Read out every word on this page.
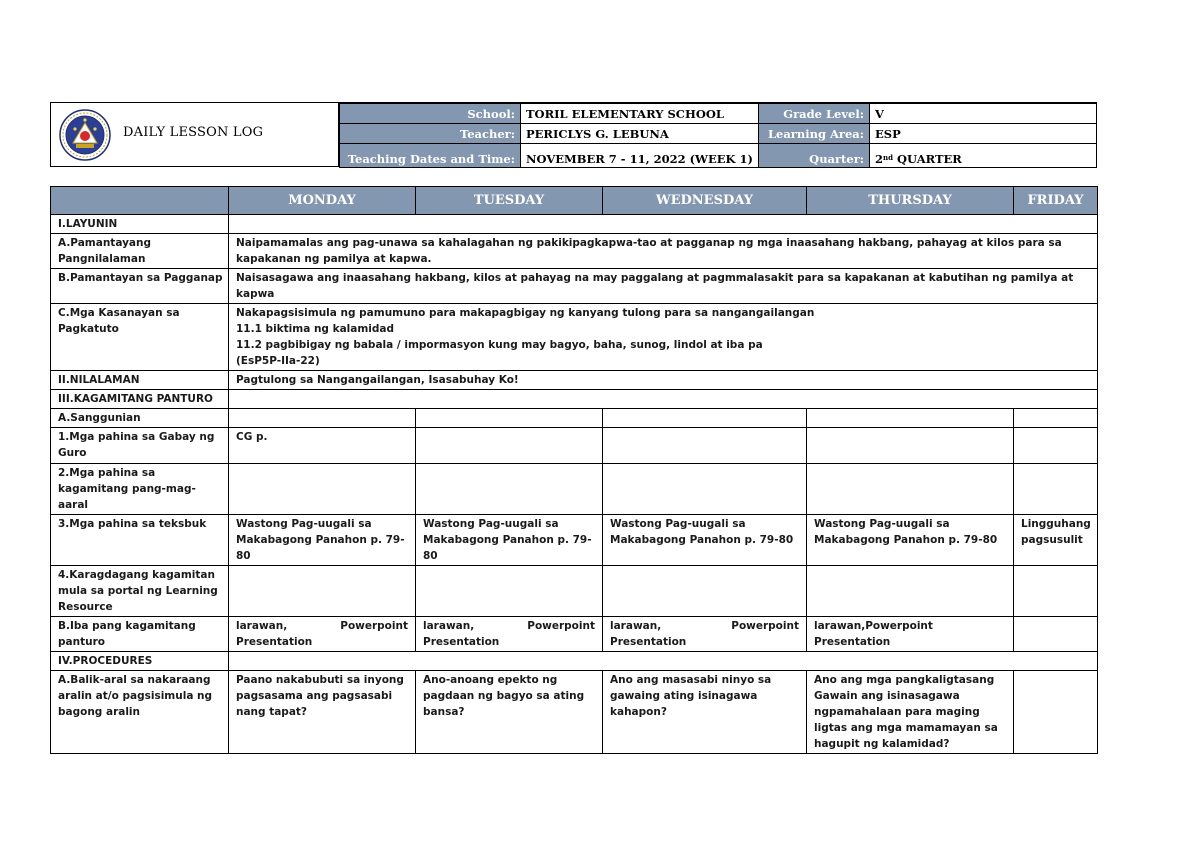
DAILY LESSON LOG
School:	TORIL ELEMENTARY SCHOOL	Grade Level:	V
Teacher:	PERICLYS G. LEBUNA	Learning Area:	ESP
Teaching Dates and Time:	NOVEMBER 7 - 11, 2022 (WEEK 1)	Quarter:	2nd QUARTER
	MONDAY	TUESDAY	WEDNESDAY	THURSDAY	FRIDAY
I.LAYUNIN					
A.Pamantayang Pangnilalaman	Naipamamalas ang pag-unawa sa kahalagahan ng pakikipagkapwa-tao at pagganap ng mga inaasahang hakbang, pahayag at kilos para sa kapakanan ng pamilya at kapwa.				
B.Pamantayan sa Pagganap	Naisasagawa ang inaasahang hakbang, kilos at pahayag na may paggalang at pagmmalasakit para sa kapakanan at kabutihan ng pamilya at kapwa				
C.Mga Kasanayan sa Pagkatuto	Nakapagsisimula ng pamumuno para makapagbigay ng kanyang tulong para sa nangangailangan
11.1 biktima ng kalamidad
11.2 pagbibigay ng babala / impormasyon kung may bagyo, baha, sunog, lindol at iba pa
(EsP5P-IIa-22)				

II.NILALAMAN	Pagtulong sa Nangangailangan, Isasabuhay Ko!				
III.KAGAMITANG PANTURO					
A.Sanggunian					
1.Mga pahina sa Gabay ng Guro	CG p.				
2.Mga pahina sa kagamitang pang-mag-aaral					
3.Mga pahina sa teksbuk	Wastong Pag-uugali sa Makabagong Panahon p. 79-80	Wastong Pag-uugali sa Makabagong Panahon p. 79-80	Wastong Pag-uugali sa Makabagong Panahon p. 79-80	Wastong Pag-uugali sa Makabagong Panahon p. 79-80	Lingguhang pagsusulit
4.Karagdagang kagamitan mula sa portal ng Learning Resource					
B.Iba pang kagamitang panturo	larawan, Powerpoint Presentation	larawan, Powerpoint Presentation	larawan, Powerpoint Presentation	larawan,Powerpoint Presentation	
IV.PROCEDURES					
A.Balik-aral sa nakaraang aralin at/o pagsisimula ng bagong aralin	Paano nakabubuti sa inyong pagsasama ang pagsasabi nang tapat?	Ano-anoang epekto ng pagdaan ng bagyo sa ating bansa?	Ano ang masasabi ninyo sa gawaing ating isinagawa kahapon?	Ano ang mga pangkaligtasang Gawain ang isinasagawa ngpamahalaan para maging ligtas ang mga mamamayan sa hagupit ng kalamidad?	
